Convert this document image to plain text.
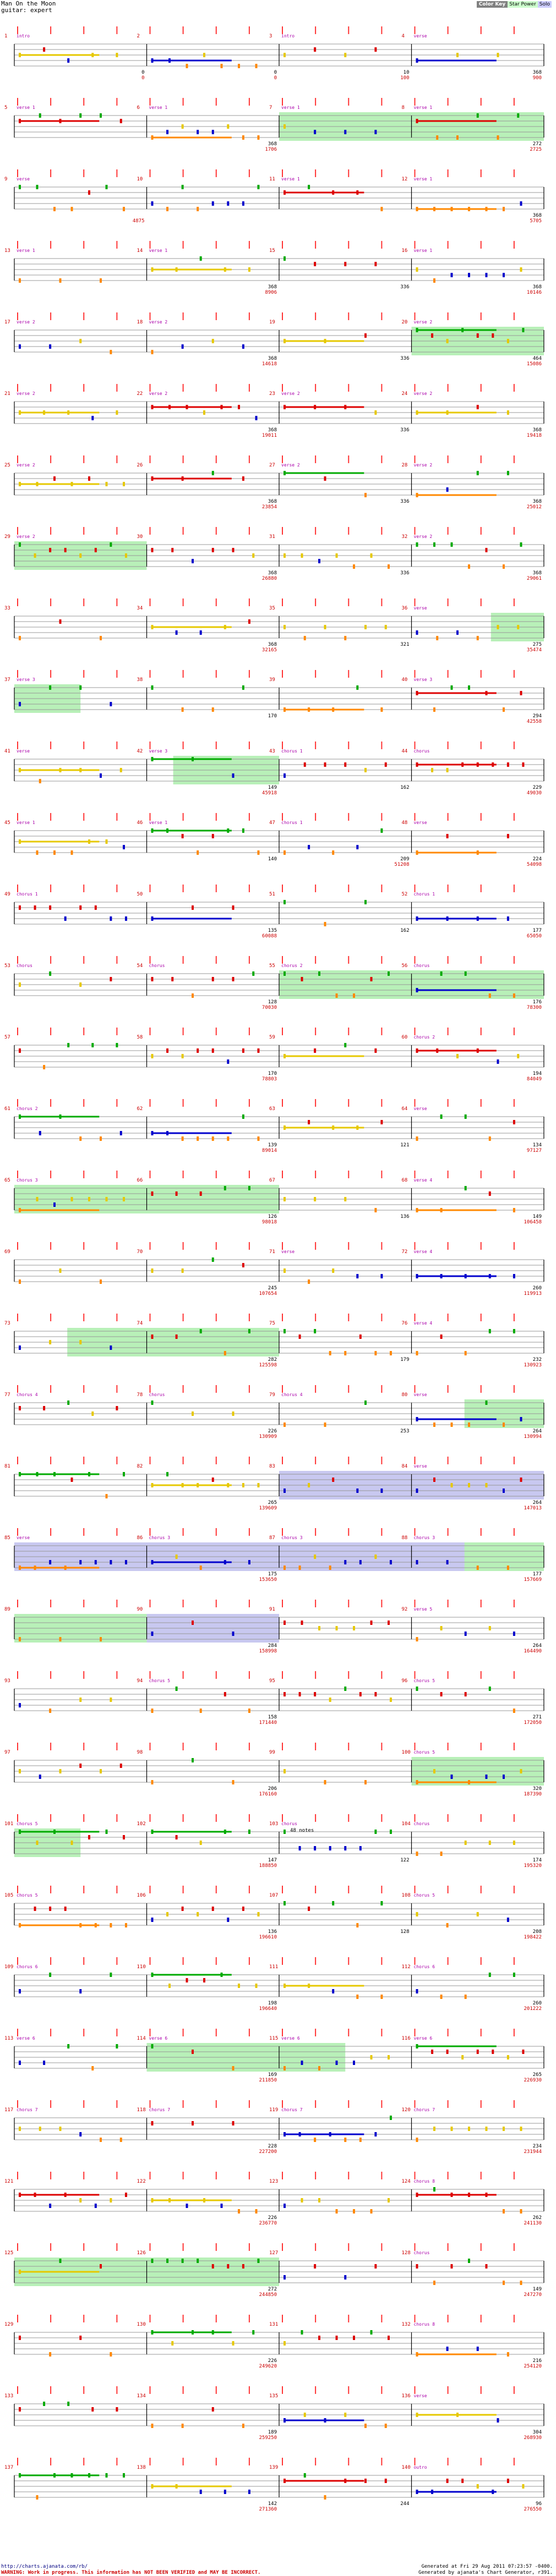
Man On the Moon
guitar: expert
Color Key Star Power Solo
1 intro	2	3 intro	4 verse
0
0
0
0
10
100
368
900
5 verse 1	6 verse 1	7 verse 1	8 verse 1
368
1706
272
2725
9 verse	10	11 verse 1	12 verse 1
4875
368
5705
13 verse 1	14 verse 1	15	16 verse 1
368
8906
336	368
10146
17 verse 2	18 verse 2	19	20 verse 2
368
14618
336	464
15086
21 verse 2	22 verse 2	23 verse 2	24 verse 2
368
19011
336	368
19418
25 verse 2	26	27 verse 2	28 verse 2
368
23854
336	368
25012
29 verse 2	30	31	32 verse 2
368
26880
336	368
29061
33	34	35	36 verse
368
32165
321	275
35474
37 verse 3	38	39	40 verse 3
170	294
42558
41 verse	42 verse 3	43 chorus 1	44 chorus
149
45918
162	229
49030
45 verse 1	46 verse 1	47 chorus 1	48 verse
140	209
51208
224
54098
49 chorus 1	50	51	52 chorus 1
135
60088
162	177
65050
53 chorus	54 chorus	55 chorus 2	56 chorus
128
70030
176
78300
57	58	59	60 chorus 2
170
78803
194
84049
61 chorus 2	62	63	64 verse
139
89014
121	134
97127
65 chorus 3	66	67	68 verse 4
126
98018
136	149
106458
69	70	71 verse	72 verse 4
245
107654
260
119913
73	74	75	76 verse 4
282
125598
179	232
130923
77 chorus 4	78 chorus	79 chorus 4	80 verse
226
130909
253	264
130994
81	82	83	84 verse
265
139609
264
147013
85 verse	86 chorus 3	87 chorus 3	88 chorus 3
175
153650
177
157669
89	90	91	92 verse 5
284
158998
264
164490
93	94 chorus 5	95	96 chorus 5
158
171440
271
172050
97	98	99	100 chorus 5
206
176160
320
187390
101 chorus 5	102	103 chorus	104 chorus
147
188850
122	174
195320
105 chorus 5	106	107	108 chorus 5
136
196610
128	208
198422
109 chorus 6	110	111	112 chorus 6
198
196640
260
201222
113 verse 6	114 verse 6	115 verse 6	116 verse 6
169
211850
265
226930
117 chorus 7	118 chorus 7	119 chorus 7	120 chorus 7
228
227200
234
231944
121	122	123	124 chorus 8
226
236770
262
241130
125	126	127	128 chorus
272
244850
149
247270
129	130	131	132 chorus 8
226
249620
216
254120
133	134	135	136 verse
189
259250
304
268930
137	138	139	140 outro
142
271360
244	96
276550
48 notes
http://charts.ajanata.com/rb/
WARNING: Work in progress. This information has NOT BEEN VERIFIED and MAY BE INCORRECT.
Generated at Fri 29 Aug 2011 07:23:57 -0400.
Generated by ajanata's Chart Generator, r391.
